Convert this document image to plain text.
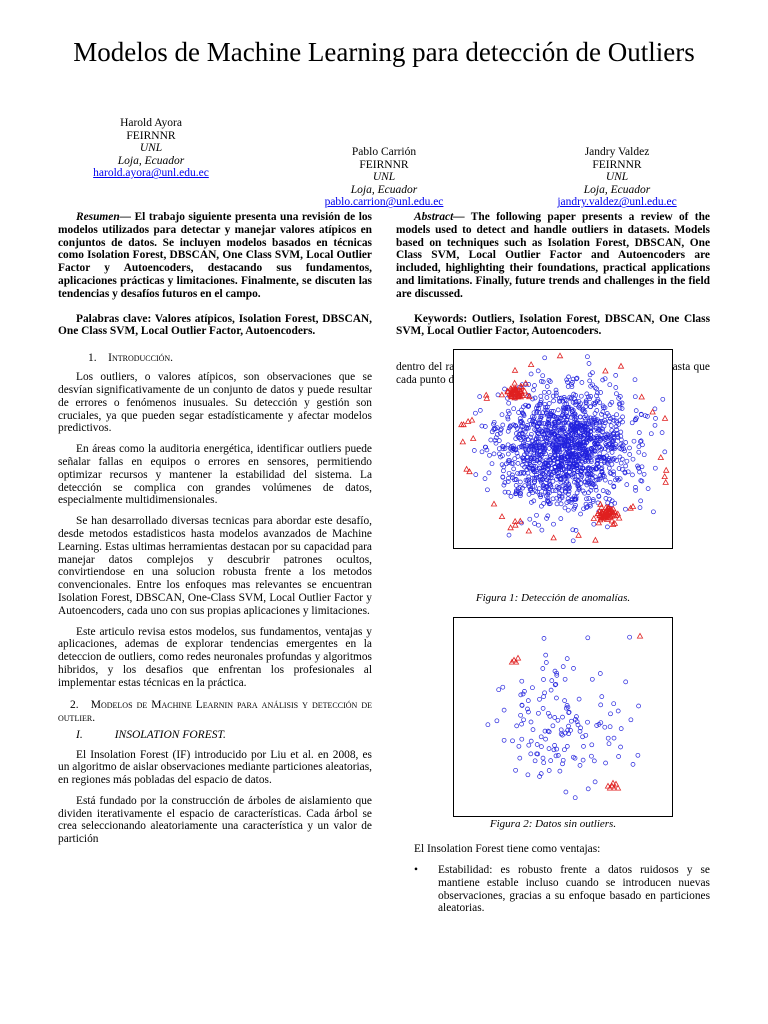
Modelos de Machine Learning para detección de Outliers
Harold Ayora
FEIRNNR
UNL
Loja, Ecuador
harold.ayora@unl.edu.ec
Pablo Carrión
FEIRNNR
UNL
Loja, Ecuador
pablo.carrion@unl.edu.ec
Jandry Valdez
FEIRNNR
UNL
Loja, Ecuador
jandry.valdez@unl.edu.ec

Resumen— El trabajo siguiente presenta una revisión de los modelos utilizados para detectar y manejar valores atípicos en conjuntos de datos. Se incluyen modelos basados en técnicas como Isolation Forest, DBSCAN, One Class SVM, Local Outlier Factor y Autoencoders, destacando sus fundamentos, aplicaciones prácticas y limitaciones. Finalmente, se discuten las tendencias y desafíos futuros en el campo.

Palabras clave: Valores atípicos, Isolation Forest, DBSCAN, One Class SVM, Local Outlier Factor, Autoencoders.

1. Introducción.

Los outliers, o valores atípicos, son observaciones que se desvían significativamente de un conjunto de datos y puede resultar de errores o fenómenos inusuales. Su detección y gestión son cruciales, ya que pueden segar estadísticamente y afectar modelos predictivos.

En áreas como la auditoria energética, identificar outliers puede señalar fallas en equipos o errores en sensores, permitiendo optimizar recursos y mantener la estabilidad del sistema. La detección se complica con grandes volúmenes de datos, especialmente multidimensionales.

Se han desarrollado diversas tecnicas para abordar este desafío, desde metodos estadisticos hasta modelos avanzados de Machine Learning. Estas ultimas herramientas destacan por su capacidad para manejar datos complejos y descubrir patrones ocultos, convirtiendose en una solucion robusta frente a los metodos convencionales. Entre los enfoques mas relevantes se encuentran Isolation Forest, DBSCAN, One-Class SVM, Local Outlier Factor y Autoencoders, cada uno con sus propias aplicaciones y limitaciones.

Este articulo revisa estos modelos, sus fundamentos, ventajas y aplicaciones, ademas de explorar tendencias emergentes en la deteccion de outliers, como redes neuronales profundas y algoritmos hibridos, y los desafios que enfrentan los profesionales al implementar estas técnicas en la práctica.

2. Modelos de Machine Learnin para análisis y detección de outlier.
I.	INSOLATION FOREST.

El Insolation Forest (IF) introducido por Liu et al. en 2008, es un algoritmo de aislar observaciones mediante particiones aleatorias, en regiones más pobladas del espacio de datos.

Está fundado por la construcción de árboles de aislamiento que dividen iterativamente el espacio de características. Cada árbol se crea seleccionando aleatoriamente una característica y un valor de partición

Abstract— The following paper presents a review of the models used to detect and handle outliers in datasets. Models based on techniques such as Isolation Forest, DBSCAN, One Class SVM, Local Outlier Factor and Autoencoders are included, highlighting their foundations, practical applications and limitations. Finally, future trends and challenges in the field are discussed.

Keywords: Outliers, Isolation Forest, DBSCAN, One Class SVM, Local Outlier Factor, Autoencoders.

dentro del rango de esa característica. El proceso continua hasta que cada punto de datos se aísla en una hoja de árbol.
Figura 1: Detección de anomalías.
Figura 2: Datos sin outliers.
El Insolation Forest tiene como ventajas:
• Estabilidad: es robusto frente a datos ruidosos y se mantiene estable incluso cuando se introducen nuevas observaciones, gracias a su enfoque basado en particiones aleatorias.
